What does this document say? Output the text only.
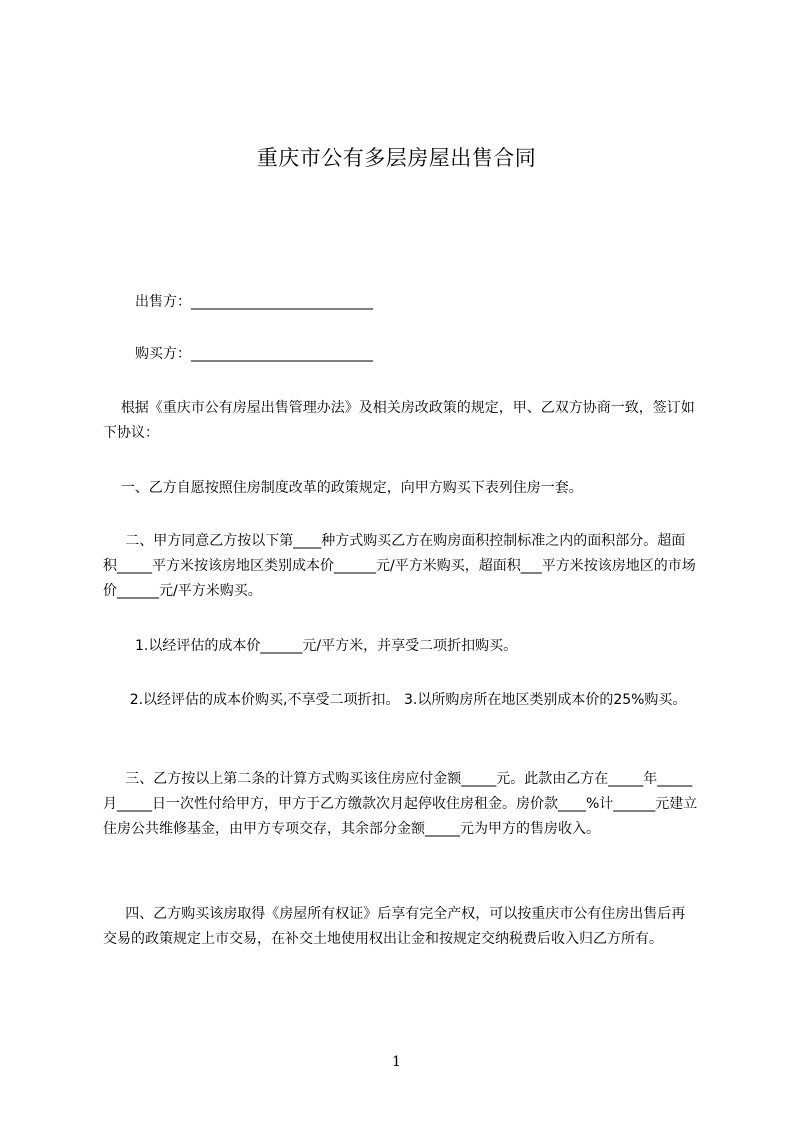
重庆市公有多层房屋出售合同
出售方：__________________________
购买方：__________________________
根据《重庆市公有房屋出售管理办法》及相关房改政策的规定，甲、乙双方协商一致，签订如下协议：
一、乙方自愿按照住房制度改革的政策规定，向甲方购买下表列住房一套。
二、甲方同意乙方按以下第____种方式购买乙方在购房面积控制标准之内的面积部分。超面积_____平方米按该房地区类别成本价______元/平方米购买，超面积___平方米按该房地区的市场价______元/平方米购买。
1.以经评估的成本价______元/平方米，并享受二项折扣购买。
2.以经评估的成本价购买,不享受二项折扣。 3.以所购房所在地区类别成本价的25%购买。
三、乙方按以上第二条的计算方式购买该住房应付金额_____元。此款由乙方在_____年_____月_____日一次性付给甲方，甲方于乙方缴款次月起停收住房租金。房价款____%计______元建立住房公共维修基金，由甲方专项交存，其余部分金额_____元为甲方的售房收入。
四、乙方购买该房取得《房屋所有权证》后享有完全产权，可以按重庆市公有住房出售后再交易的政策规定上市交易，在补交土地使用权出让金和按规定交纳税费后收入归乙方所有。
1
